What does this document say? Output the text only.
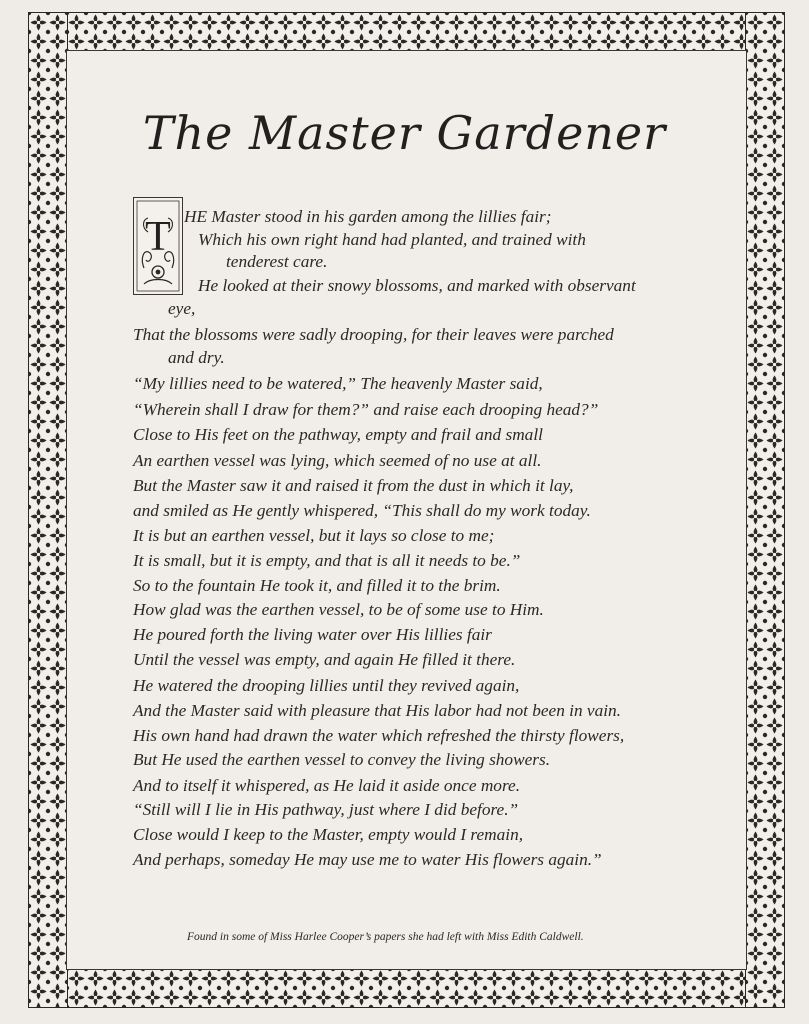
The Master Gardener
T HE Master stood in his garden among the lillies fair;
Which his own right hand had planted, and trained with
tenderest care.
He looked at their snowy blossoms, and marked with observant
eye,
That the blossoms were sadly drooping, for their leaves were parched
and dry.
“My lillies need to be watered,” The heavenly Master said,
“Wherein shall I draw for them?” and raise each drooping head?”
Close to His feet on the pathway, empty and frail and small
An earthen vessel was lying, which seemed of no use at all.
But the Master saw it and raised it from the dust in which it lay,
and smiled as He gently whispered, “This shall do my work today.
It is but an earthen vessel, but it lays so close to me;
It is small, but it is empty, and that is all it needs to be.”
So to the fountain He took it, and filled it to the brim.
How glad was the earthen vessel, to be of some use to Him.
He poured forth the living water over His lillies fair
Until the vessel was empty, and again He filled it there.
He watered the drooping lillies until they revived again,
And the Master said with pleasure that His labor had not been in vain.
His own hand had drawn the water which refreshed the thirsty flowers,
But He used the earthen vessel to convey the living showers.
And to itself it whispered, as He laid it aside once more.
“Still will I lie in His pathway, just where I did before.”
Close would I keep to the Master, empty would I remain,
And perhaps, someday He may use me to water His flowers again.”
Found in some of Miss Harlee Cooper’s papers she had left with Miss Edith Caldwell.
